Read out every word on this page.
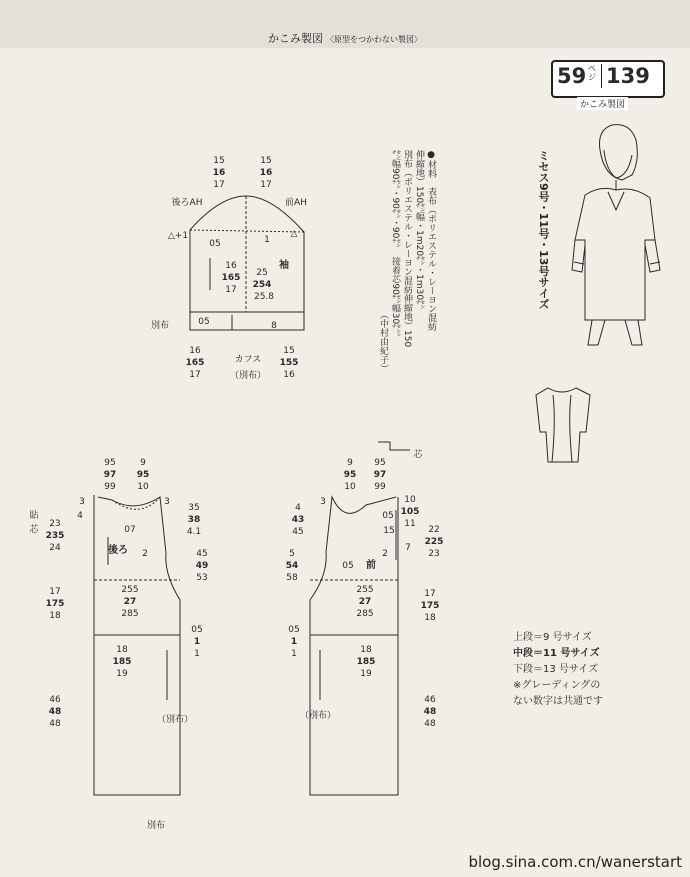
かこみ製図 〈原型をつかわない製図〉
59 ペ ジ 139
かこみ製図
●材料　表布（ポリエステル・レーヨン混紡
伸縮地）150㌢幅・1m20㌢・1m30㌢
別布（ポリエステル・レーヨン混紡伸縮地）150
㌢幅90㌢・90㌢・90㌢　接着芯90㌢幅30㌢。
（中村由紀子）
ミセス9号・11号・13号サイズ
上段＝9 号サイズ
中段＝11 号サイズ
下段＝13 号サイズ
※グレーディングの
ない数字は共通です
blog.sina.com.cn/wanerstart
15
16
17
15
16
17
後ろAH	前AH
△+1
05	1
△
袖
16
165
17
25
254
25.8
05	8
別布
16
165
17
カフス
（別布）
15
155
16
95
97
99
9
95
10
3
4
3
貼
芯
23
235
24
07
後ろ 2
35
38
4.1
45
49
53
17
175
18
255
27
285
18
185
19
05
1
1
46
48
48	（別布）
別布
9
95
10
95
97
99
芯
3
4
43
45
10
105
11
05
15
7
22
225
23
5
54
58
05 前
2
17
175
18
255
27
285
05
1
1	18
185
19
46
48
48
（別布）
